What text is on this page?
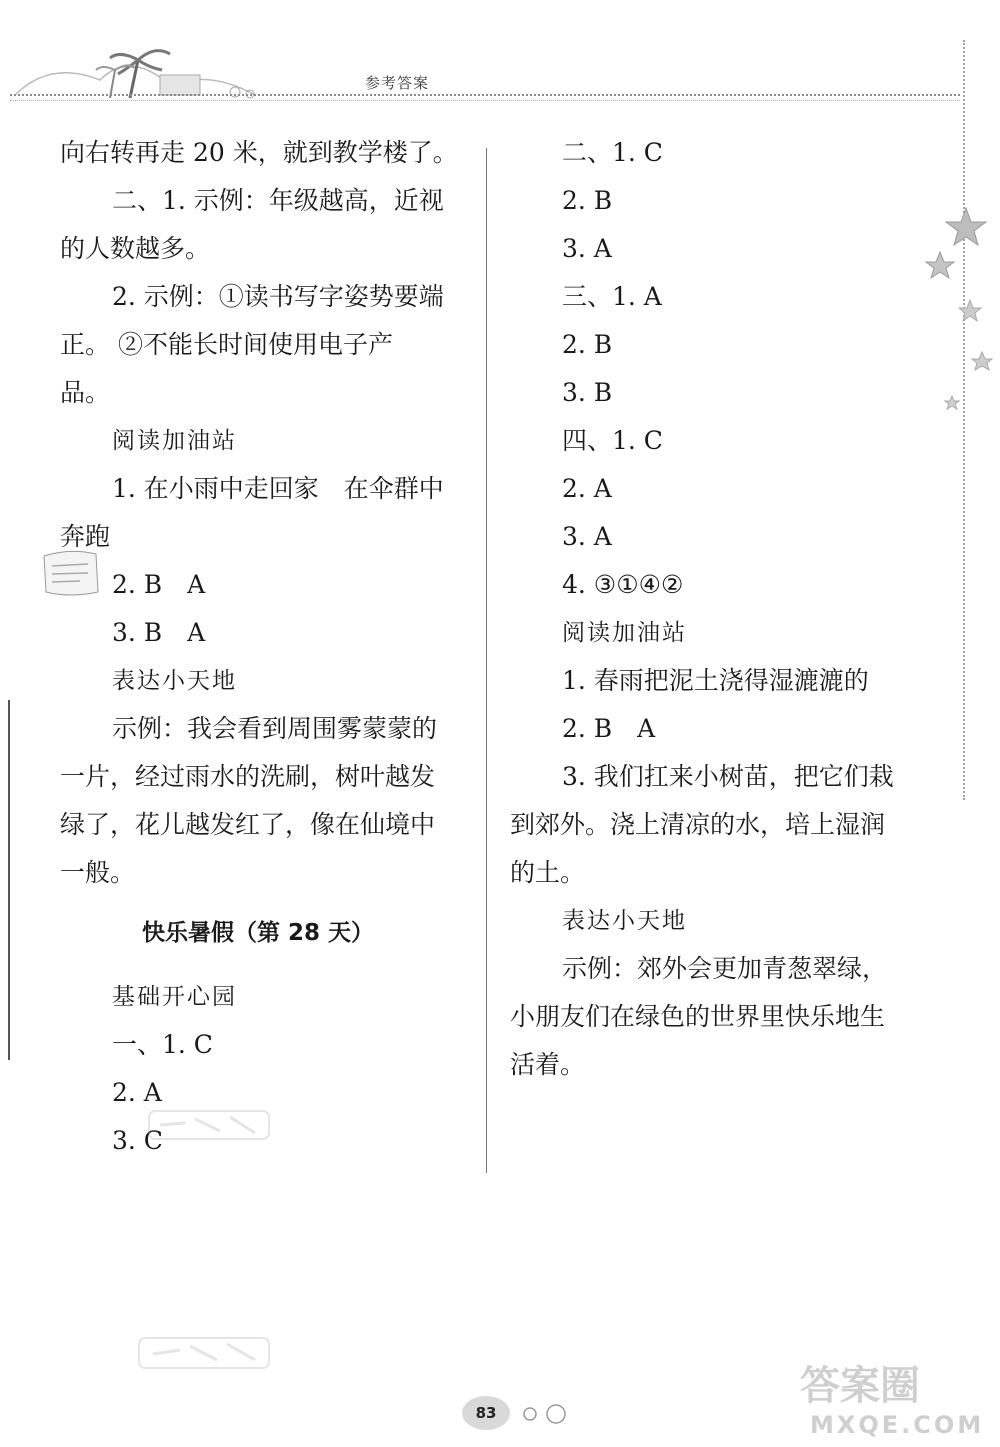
参考答案
向右转再走 20 米，就到教学楼了。
二、1. 示例：年级越高，近视
的人数越多。
2. 示例：①读书写字姿势要端
正。 ②不能长时间使用电子产
品。
阅读加油站
1. 在小雨中走回家　在伞群中
奔跑
2. B　A
3. B　A
表达小天地
示例：我会看到周围雾蒙蒙的
一片，经过雨水的洗刷，树叶越发
绿了，花儿越发红了，像在仙境中
一般。
快乐暑假（第 28 天）
基础开心园
一、1. C
2. A
3. C
二、1. C
2. B
3. A
三、1. A
2. B
3. B
四、1. C
2. A
3. A
4. ③①④②
阅读加油站
1. 春雨把泥土浇得湿漉漉的
2. B　A
3. 我们扛来小树苗，把它们栽
到郊外。浇上清凉的水，培上湿润
的土。
表达小天地
示例：郊外会更加青葱翠绿，
小朋友们在绿色的世界里快乐地生
活着。
83
答案圈
MXQE.COM
